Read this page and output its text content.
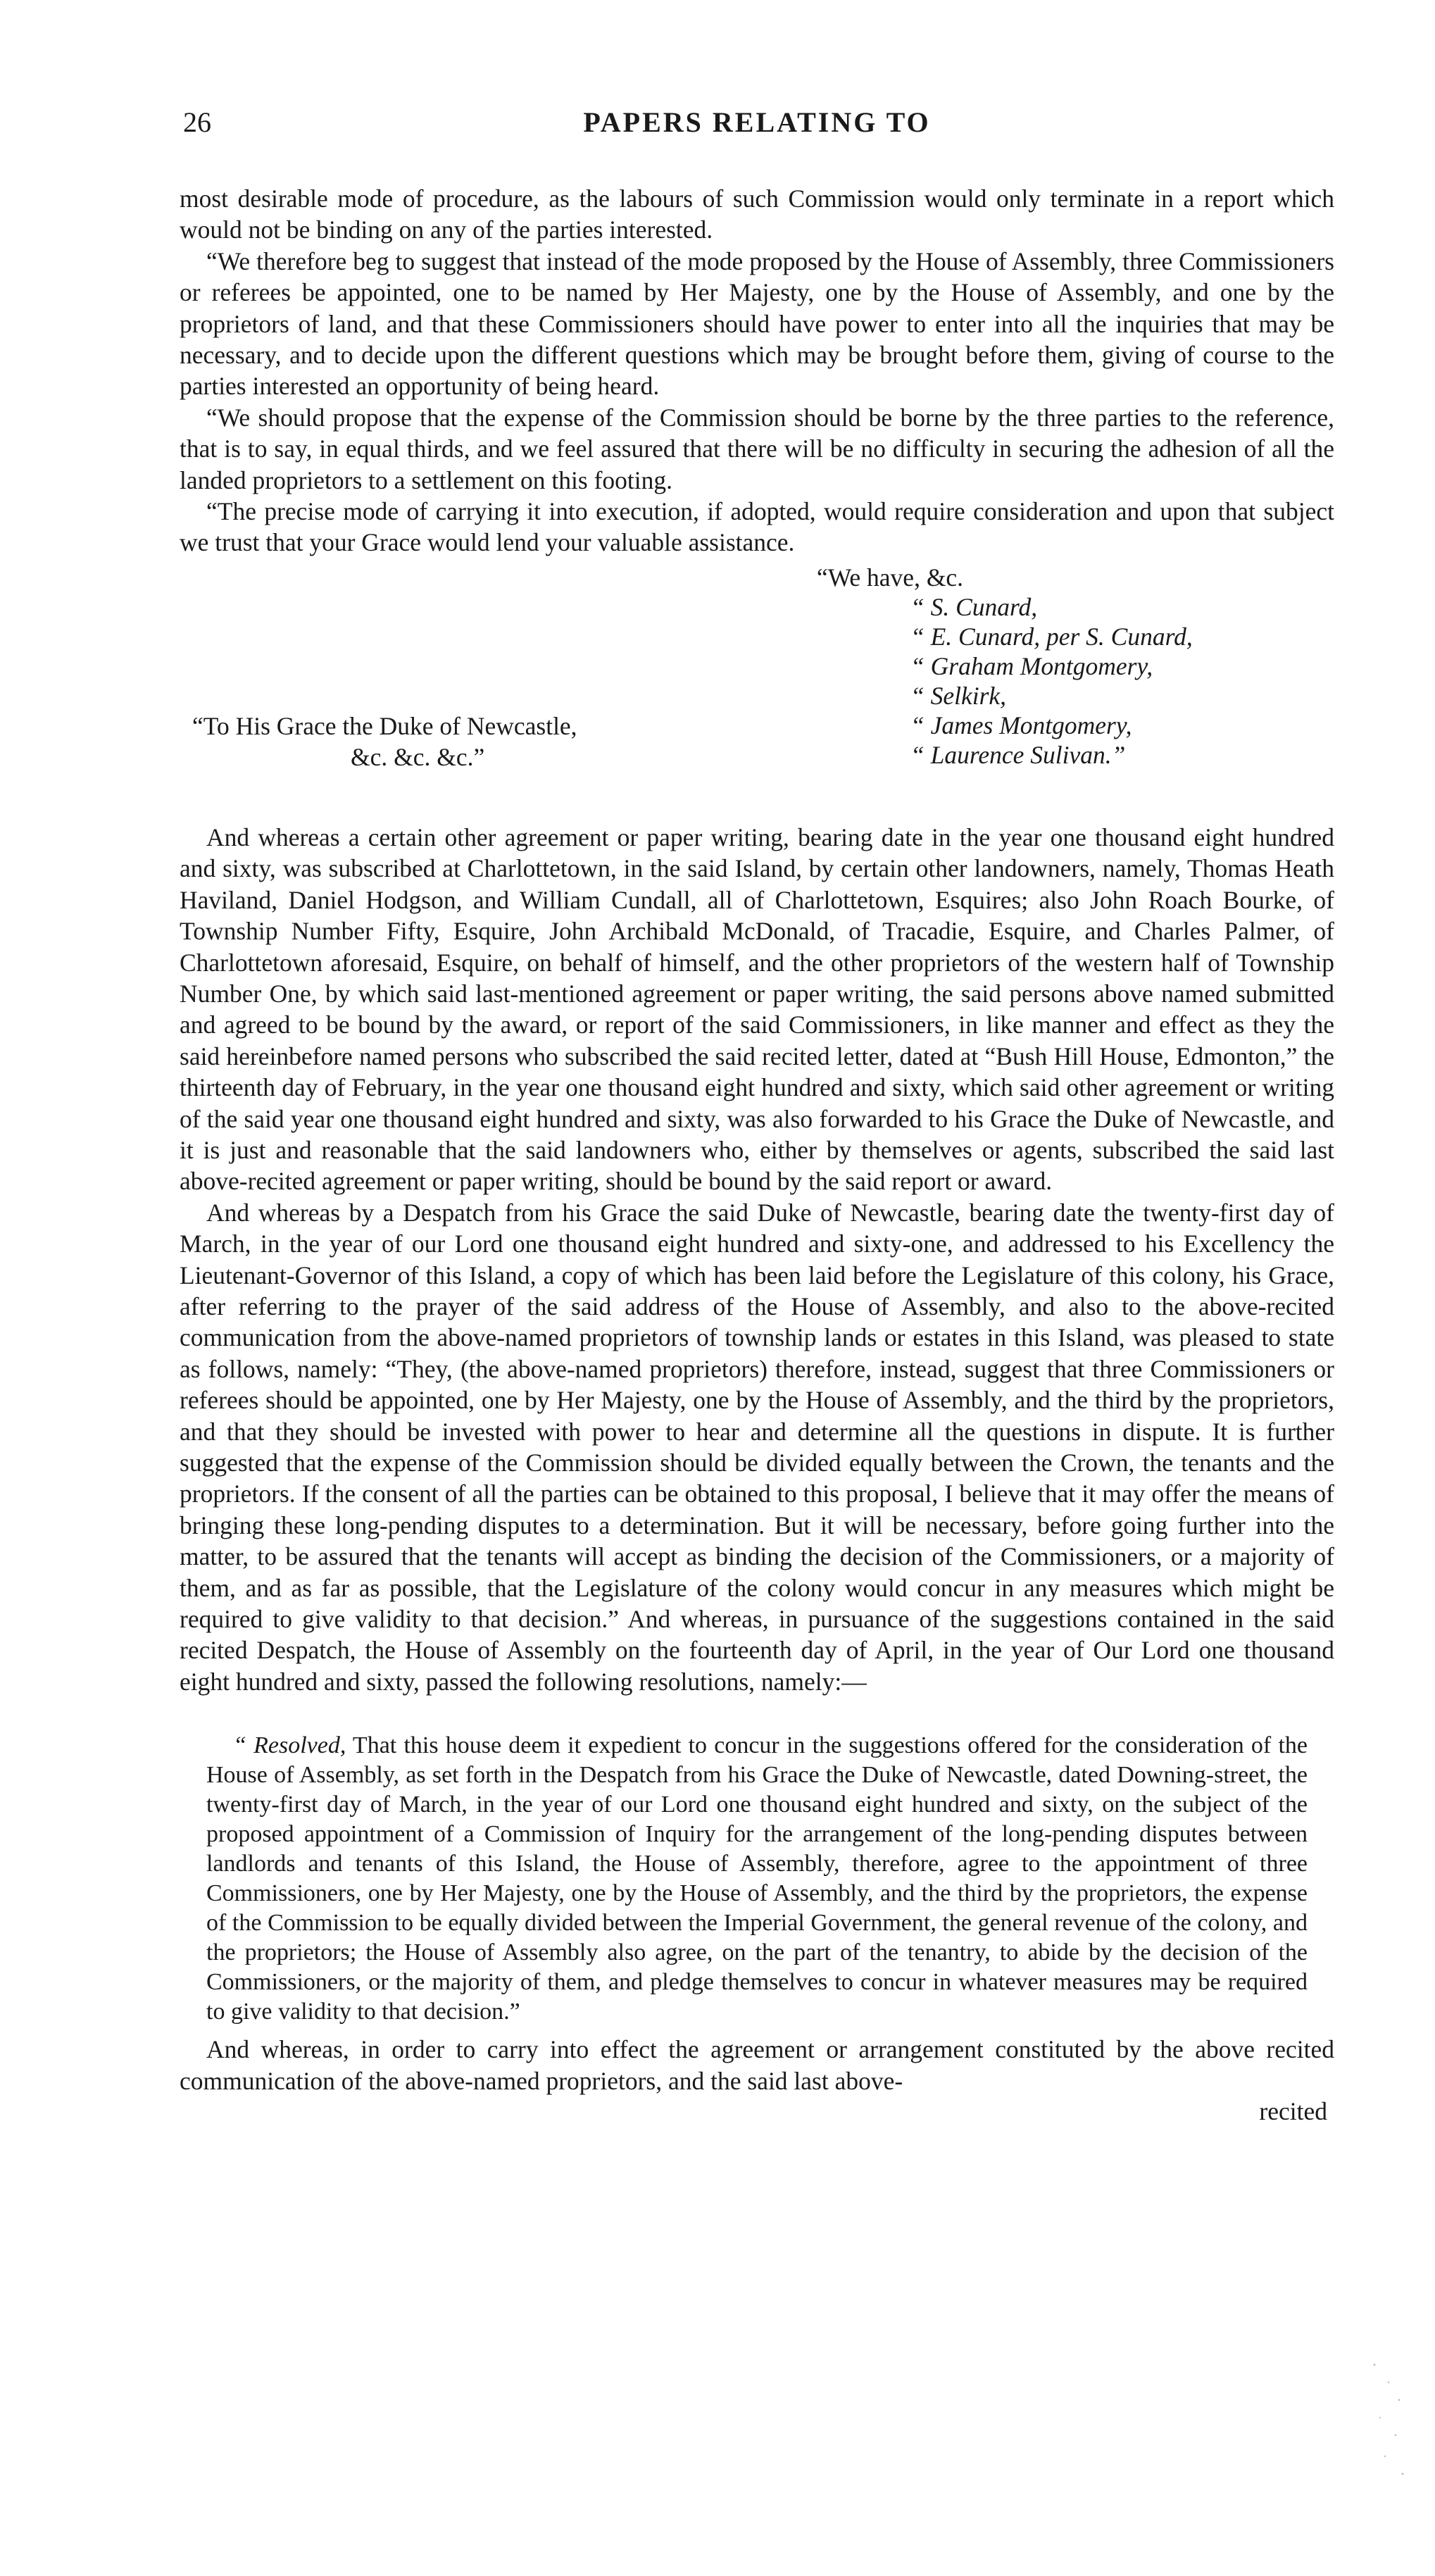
26	PAPERS RELATING TO

most desirable mode of procedure, as the labours of such Commission would only terminate in a report which would not be binding on any of the parties interested.

“We therefore beg to suggest that instead of the mode proposed by the House of Assembly, three Commissioners or referees be appointed, one to be named by Her Majesty, one by the House of Assembly, and one by the proprietors of land, and that these Commissioners should have power to enter into all the inquiries that may be necessary, and to decide upon the different questions which may be brought before them, giving of course to the parties interested an opportunity of being heard.

“We should propose that the expense of the Commission should be borne by the three parties to the reference, that is to say, in equal thirds, and we feel assured that there will be no difficulty in securing the adhesion of all the landed proprietors to a settlement on this footing.

“The precise mode of carrying it into execution, if adopted, would require consideration and upon that subject we trust that your Grace would lend your valuable assistance.

“We have, &c.
“ S. Cunard,
“ E. Cunard, per S. Cunard,
“ Graham Montgomery,
“ Selkirk,
“ James Montgomery,
“ Laurence Sulivan.”
“To His Grace the Duke of Newcastle,
&c. &c. &c.”

And whereas a certain other agreement or paper writing, bearing date in the year one thousand eight hundred and sixty, was subscribed at Charlottetown, in the said Island, by certain other landowners, namely, Thomas Heath Haviland, Daniel Hodgson, and William Cundall, all of Charlottetown, Esquires; also John Roach Bourke, of Township Number Fifty, Esquire, John Archibald McDonald, of Tracadie, Esquire, and Charles Palmer, of Charlottetown aforesaid, Esquire, on behalf of himself, and the other proprietors of the western half of Township Number One, by which said last-mentioned agreement or paper writing, the said persons above named submitted and agreed to be bound by the award, or report of the said Commissioners, in like manner and effect as they the said hereinbefore named persons who subscribed the said recited letter, dated at “Bush Hill House, Edmonton,” the thirteenth day of February, in the year one thousand eight hundred and sixty, which said other agreement or writing of the said year one thousand eight hundred and sixty, was also forwarded to his Grace the Duke of Newcastle, and it is just and reasonable that the said landowners who, either by themselves or agents, subscribed the said last above-recited agreement or paper writing, should be bound by the said report or award.

And whereas by a Despatch from his Grace the said Duke of Newcastle, bearing date the twenty-first day of March, in the year of our Lord one thousand eight hundred and sixty-one, and addressed to his Excellency the Lieutenant-Governor of this Island, a copy of which has been laid before the Legislature of this colony, his Grace, after referring to the prayer of the said address of the House of Assembly, and also to the above-recited communication from the above-named proprietors of township lands or estates in this Island, was pleased to state as follows, namely: “They, (the above-named proprietors) therefore, instead, suggest that three Commissioners or referees should be appointed, one by Her Majesty, one by the House of Assembly, and the third by the proprietors, and that they should be invested with power to hear and determine all the questions in dispute. It is further suggested that the expense of the Commission should be divided equally between the Crown, the tenants and the proprietors. If the consent of all the parties can be obtained to this proposal, I believe that it may offer the means of bringing these long-pending disputes to a determination. But it will be necessary, before going further into the matter, to be assured that the tenants will accept as binding the decision of the Commissioners, or a majority of them, and as far as possible, that the Legislature of the colony would concur in any measures which might be required to give validity to that decision.” And whereas, in pursuance of the suggestions contained in the said recited Despatch, the House of Assembly on the fourteenth day of April, in the year of Our Lord one thousand eight hundred and sixty, passed the following resolutions, namely:—

“ Resolved, That this house deem it expedient to concur in the suggestions offered for the consideration of the House of Assembly, as set forth in the Despatch from his Grace the Duke of Newcastle, dated Downing-street, the twenty-first day of March, in the year of our Lord one thousand eight hundred and sixty, on the subject of the proposed appointment of a Commission of Inquiry for the arrangement of the long-pending disputes between landlords and tenants of this Island, the House of Assembly, therefore, agree to the appointment of three Commissioners, one by Her Majesty, one by the House of Assembly, and the third by the proprietors, the expense of the Commission to be equally divided between the Imperial Government, the general revenue of the colony, and the proprietors; the House of Assembly also agree, on the part of the tenantry, to abide by the decision of the Commissioners, or the majority of them, and pledge themselves to concur in whatever measures may be required to give validity to that decision.”

And whereas, in order to carry into effect the agreement or arrangement constituted by the above recited communication of the above-named proprietors, and the said last above-

recited
